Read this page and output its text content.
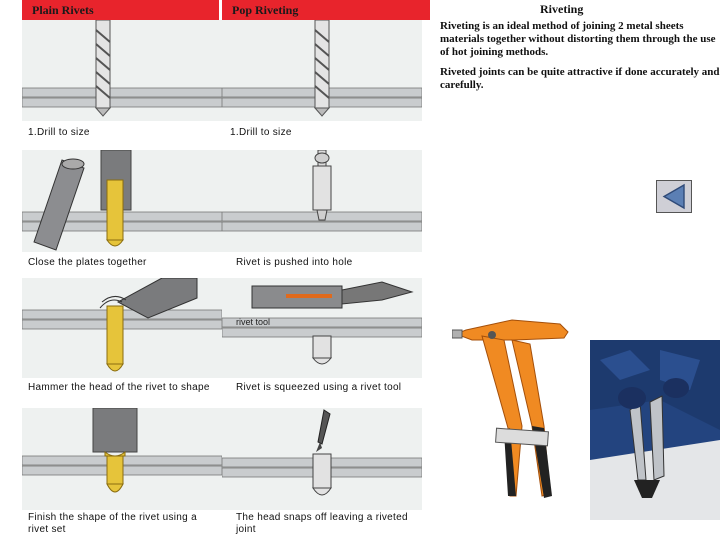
Plain Rivets	Pop Riveting	Riveting
Riveting is an ideal method of joining 2 metal sheets materials together without distorting them through the use of hot joining methods.
Riveted joints can be quite attractive if done accurately and carefully.
1.Drill to size
Close the plates together
Hammer the head of the rivet to shape
Finish the shape of the rivet using a rivet set
1.Drill to size
Rivet is pushed into hole
rivet tool
Rivet is squeezed using a rivet tool
The head snaps off leaving a riveted joint
